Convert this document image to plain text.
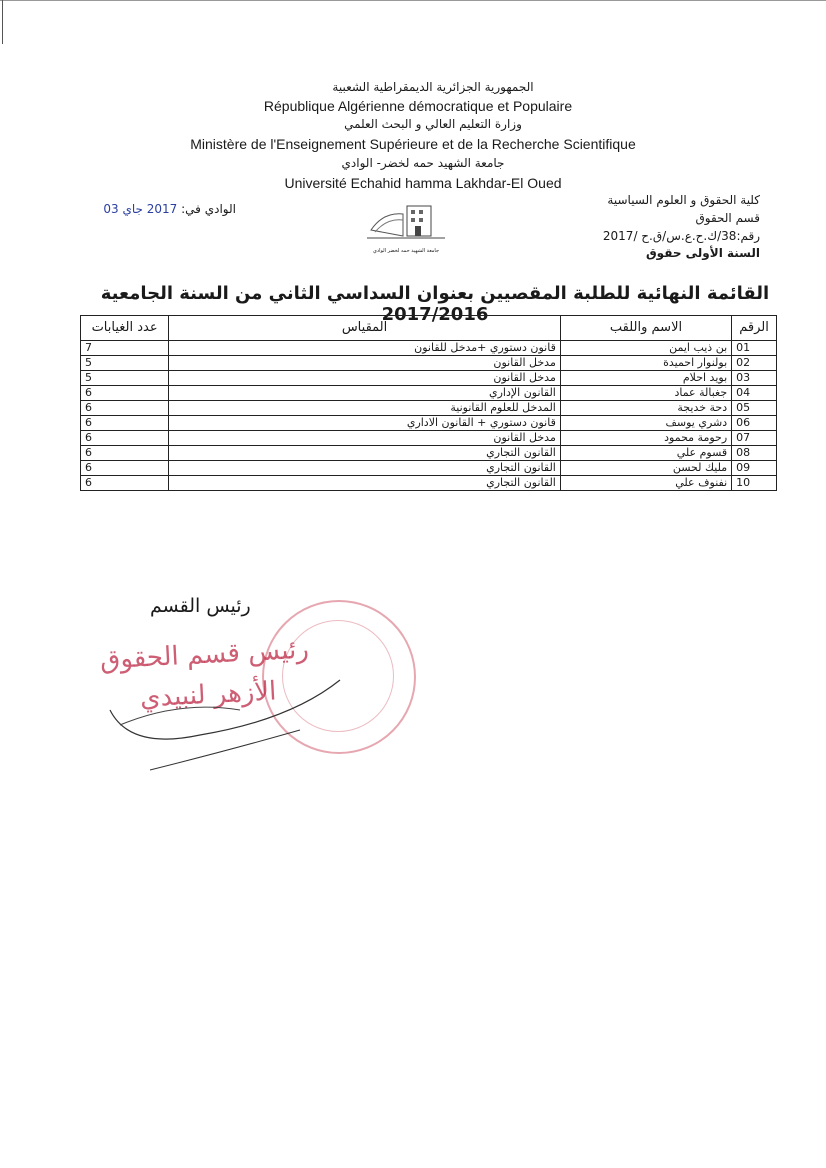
الجمهورية الجزائرية الديمقراطية الشعبية
République Algérienne démocratique et Populaire
وزارة التعليم العالي و البحث العلمي
Ministère de l'Enseignement Supérieure et de la Recherche Scientifique
جامعة الشهيد حمه لخضر- الوادي
Université Echahid hamma Lakhdar-El Oued
الوادي في: 2017 جاي 03
جامعة الشهيد حمه لخضر الوادي
كلية الحقوق و العلوم السياسية
قسم الحقوق
رقم:‎38‎/ك.ح.ع.س/ق.ح /2017
السنة الأولى حقوق
القائمة النهائية للطلبة المقصيين بعنوان السداسي الثاني من السنة الجامعية 2017/2016
الرقم	الاسم واللقب	المقياس	عدد الغيابات
01	بن ذيب ايمن	قانون دستوري +مدخل للقانون	7
02	بولنوار احميدة	مدخل القانون	5
03	بويد احلام	مدخل القانون	5
04	جغبالة عماد	القانون الإداري	6
05	دحة خديجة	المدخل للعلوم القانونية	6
06	دشري يوسف	قانون دستوري + القانون الاداري	6
07	رحومة محمود	مدخل القانون	6
08	قسوم علي	القانون التجاري	6
09	مليك لحسن	القانون التجاري	6
10	نفنوف علي	القانون التجاري	6
رئيس القسم
رئيس قسم الحقوق
الأزهر لنبيدي
